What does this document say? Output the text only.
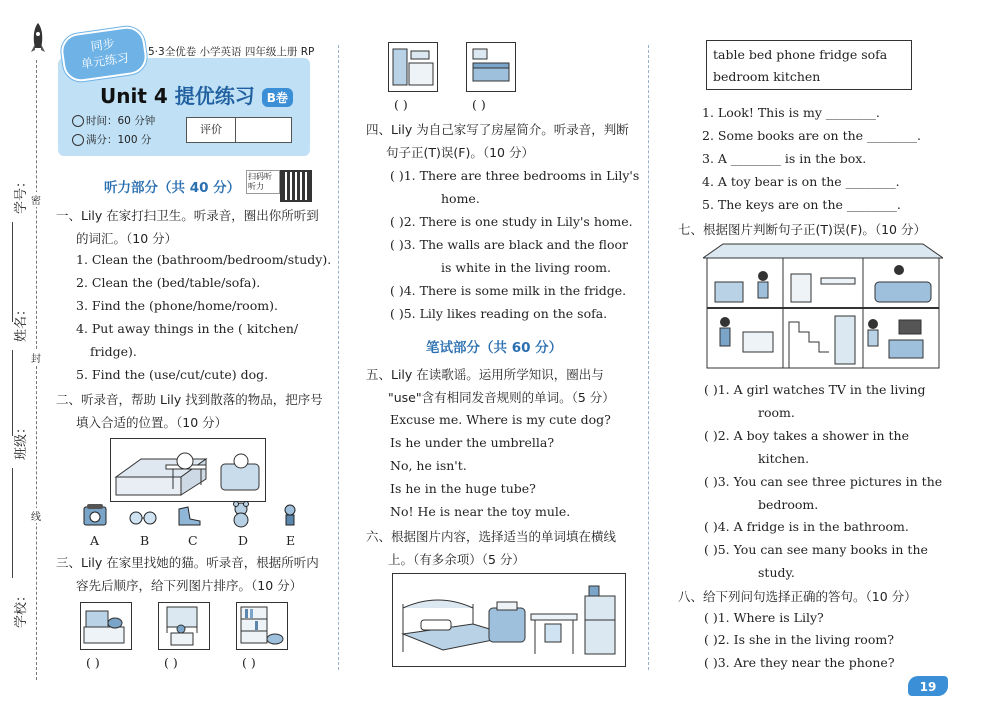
学号：
姓名：
班级：
学校：
密
封
线
同步
单元练习	5·3全优卷 小学英语 四年级上册 RP
Unit 4 提优练习 B卷
时间：60 分钟
满分：100 分
评价
听力部分（共 40 分）
扫码听听力
一、Lily 在家打扫卫生。听录音，圈出你所听到
的词汇。（10 分）
1. Clean the (bathroom/bedroom/study).
2. Clean the (bed/table/sofa).
3. Find the (phone/home/room).
4. Put away things in the ( kitchen/
fridge).
5. Find the (use/cut/cute) dog.
二、听录音，帮助 Lily 找到散落的物品，把序号
填入合适的位置。（10 分）
A	B	C	D	E
三、Lily 在家里找她的猫。听录音，根据所听内
容先后顺序，给下列图片排序。（10 分）
( )	( )	( )
( )	( )
四、Lily 为自己家写了房屋简介。听录音，判断
句子正(T)误(F)。（10 分）
( )1. There are three bedrooms in Lily's
home.
( )2. There is one study in Lily's home.
( )3. The walls are black and the floor
is white in the living room.
( )4. There is some milk in the fridge.
( )5. Lily likes reading on the sofa.
笔试部分（共 60 分）
五、Lily 在读歌谣。运用所学知识，圈出与
"use"含有相同发音规则的单词。（5 分）
Excuse me. Where is my cute dog?
Is he under the umbrella?
No, he isn't.
Is he in the huge tube?
No! He is near the toy mule.
六、根据图片内容，选择适当的单词填在横线
上。（有多余项）（5 分）
table bed phone fridge sofa
bedroom kitchen
1. Look! This is my ________.
2. Some books are on the ________.
3. A ________ is in the box.
4. A toy bear is on the ________.
5. The keys are on the ________.
七、根据图片判断句子正(T)误(F)。（10 分）
( )1. A girl watches TV in the living
room.
( )2. A boy takes a shower in the
kitchen.
( )3. You can see three pictures in the
bedroom.
( )4. A fridge is in the bathroom.
( )5. You can see many books in the
study.
八、给下列问句选择正确的答句。（10 分）
( )1. Where is Lily?
( )2. Is she in the living room?
( )3. Are they near the phone?
19
